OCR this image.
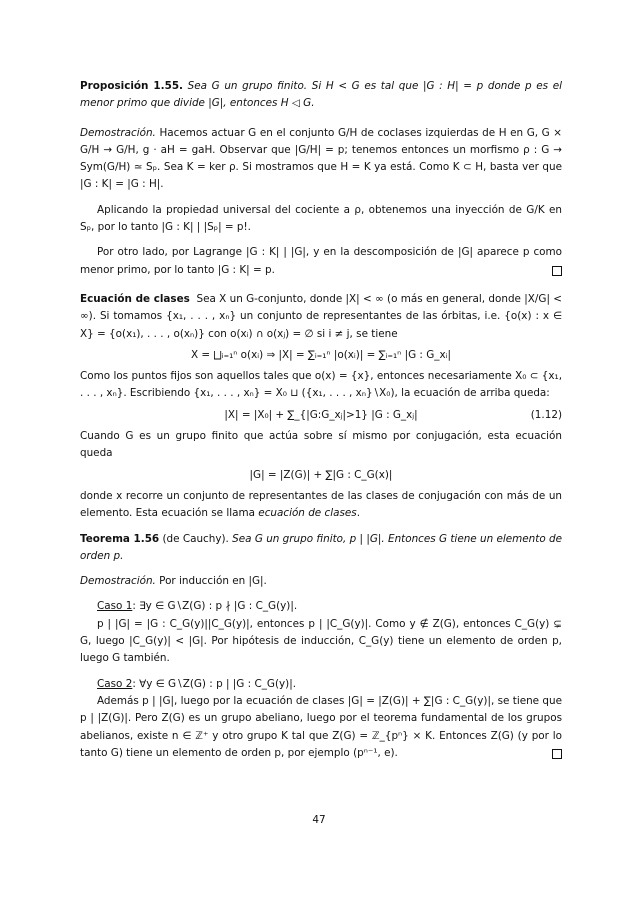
Proposición 1.55. Sea G un grupo finito. Si H < G es tal que |G : H| = p donde p es el menor primo que divide |G|, entonces H ◁ G.

Demostración. Hacemos actuar G en el conjunto G/H de coclases izquierdas de H en G, G × G/H → G/H, g · aH = gaH. Observar que |G/H| = p; tenemos entonces un morfismo ρ : G → Sym(G/H) ≃ Sₚ. Sea K = ker ρ. Si mostramos que H = K ya está. Como K ⊂ H, basta ver que |G : K| = |G : H|.

Aplicando la propiedad universal del cociente a ρ, obtenemos una inyección de G/K en Sₚ, por lo tanto |G : K| | |Sₚ| = p!.

Por otro lado, por Lagrange |G : K| | |G|, y en la descomposición de |G| aparece p como menor primo, por lo tanto |G : K| = p.

Ecuación de clases Sea X un G-conjunto, donde |X| < ∞ (o más en general, donde |X/G| < ∞). Si tomamos {x₁, . . . , xₙ} un conjunto de representantes de las órbitas, i.e. {o(x) : x ∈ X} = {o(x₁), . . . , o(xₙ)} con o(xᵢ) ∩ o(xⱼ) = ∅ si i ≠ j, se tiene

X = ⨆ᵢ₌₁ⁿ o(xᵢ) ⇒ |X| = ∑ᵢ₌₁ⁿ |o(xᵢ)| = ∑ᵢ₌₁ⁿ |G : G_xᵢ|

Como los puntos fijos son aquellos tales que o(x) = {x}, entonces necesariamente X₀ ⊂ {x₁, . . . , xₙ}. Escribiendo {x₁, . . . , xₙ} = X₀ ⊔ ({x₁, . . . , xₙ}∖X₀), la ecuación de arriba queda:

|X| = |X₀| + ∑_{|G:G_xⱼ|>1} |G : G_xⱼ|	(1.12)

Cuando G es un grupo finito que actúa sobre sí mismo por conjugación, esta ecuación queda

|G| = |Z(G)| + ∑|G : C_G(x)|

donde x recorre un conjunto de representantes de las clases de conjugación con más de un elemento. Esta ecuación se llama ecuación de clases.

Teorema 1.56 (de Cauchy). Sea G un grupo finito, p | |G|. Entonces G tiene un elemento de orden p.

Demostración. Por inducción en |G|.

Caso 1: ∃y ∈ G∖Z(G) : p ∤ |G : C_G(y)|.

p | |G| = |G : C_G(y)||C_G(y)|, entonces p | |C_G(y)|. Como y ∉ Z(G), entonces C_G(y) ⊊ G, luego |C_G(y)| < |G|. Por hipótesis de inducción, C_G(y) tiene un elemento de orden p, luego G también.

Caso 2: ∀y ∈ G∖Z(G) : p | |G : C_G(y)|.

Además p | |G|, luego por la ecuación de clases |G| = |Z(G)| + ∑|G : C_G(y)|, se tiene que p | |Z(G)|. Pero Z(G) es un grupo abeliano, luego por el teorema fundamental de los grupos abelianos, existe n ∈ ℤ⁺ y otro grupo K tal que Z(G) = ℤ_{pⁿ} × K. Entonces Z(G) (y por lo tanto G) tiene un elemento de orden p, por ejemplo (pⁿ⁻¹, e).

47
